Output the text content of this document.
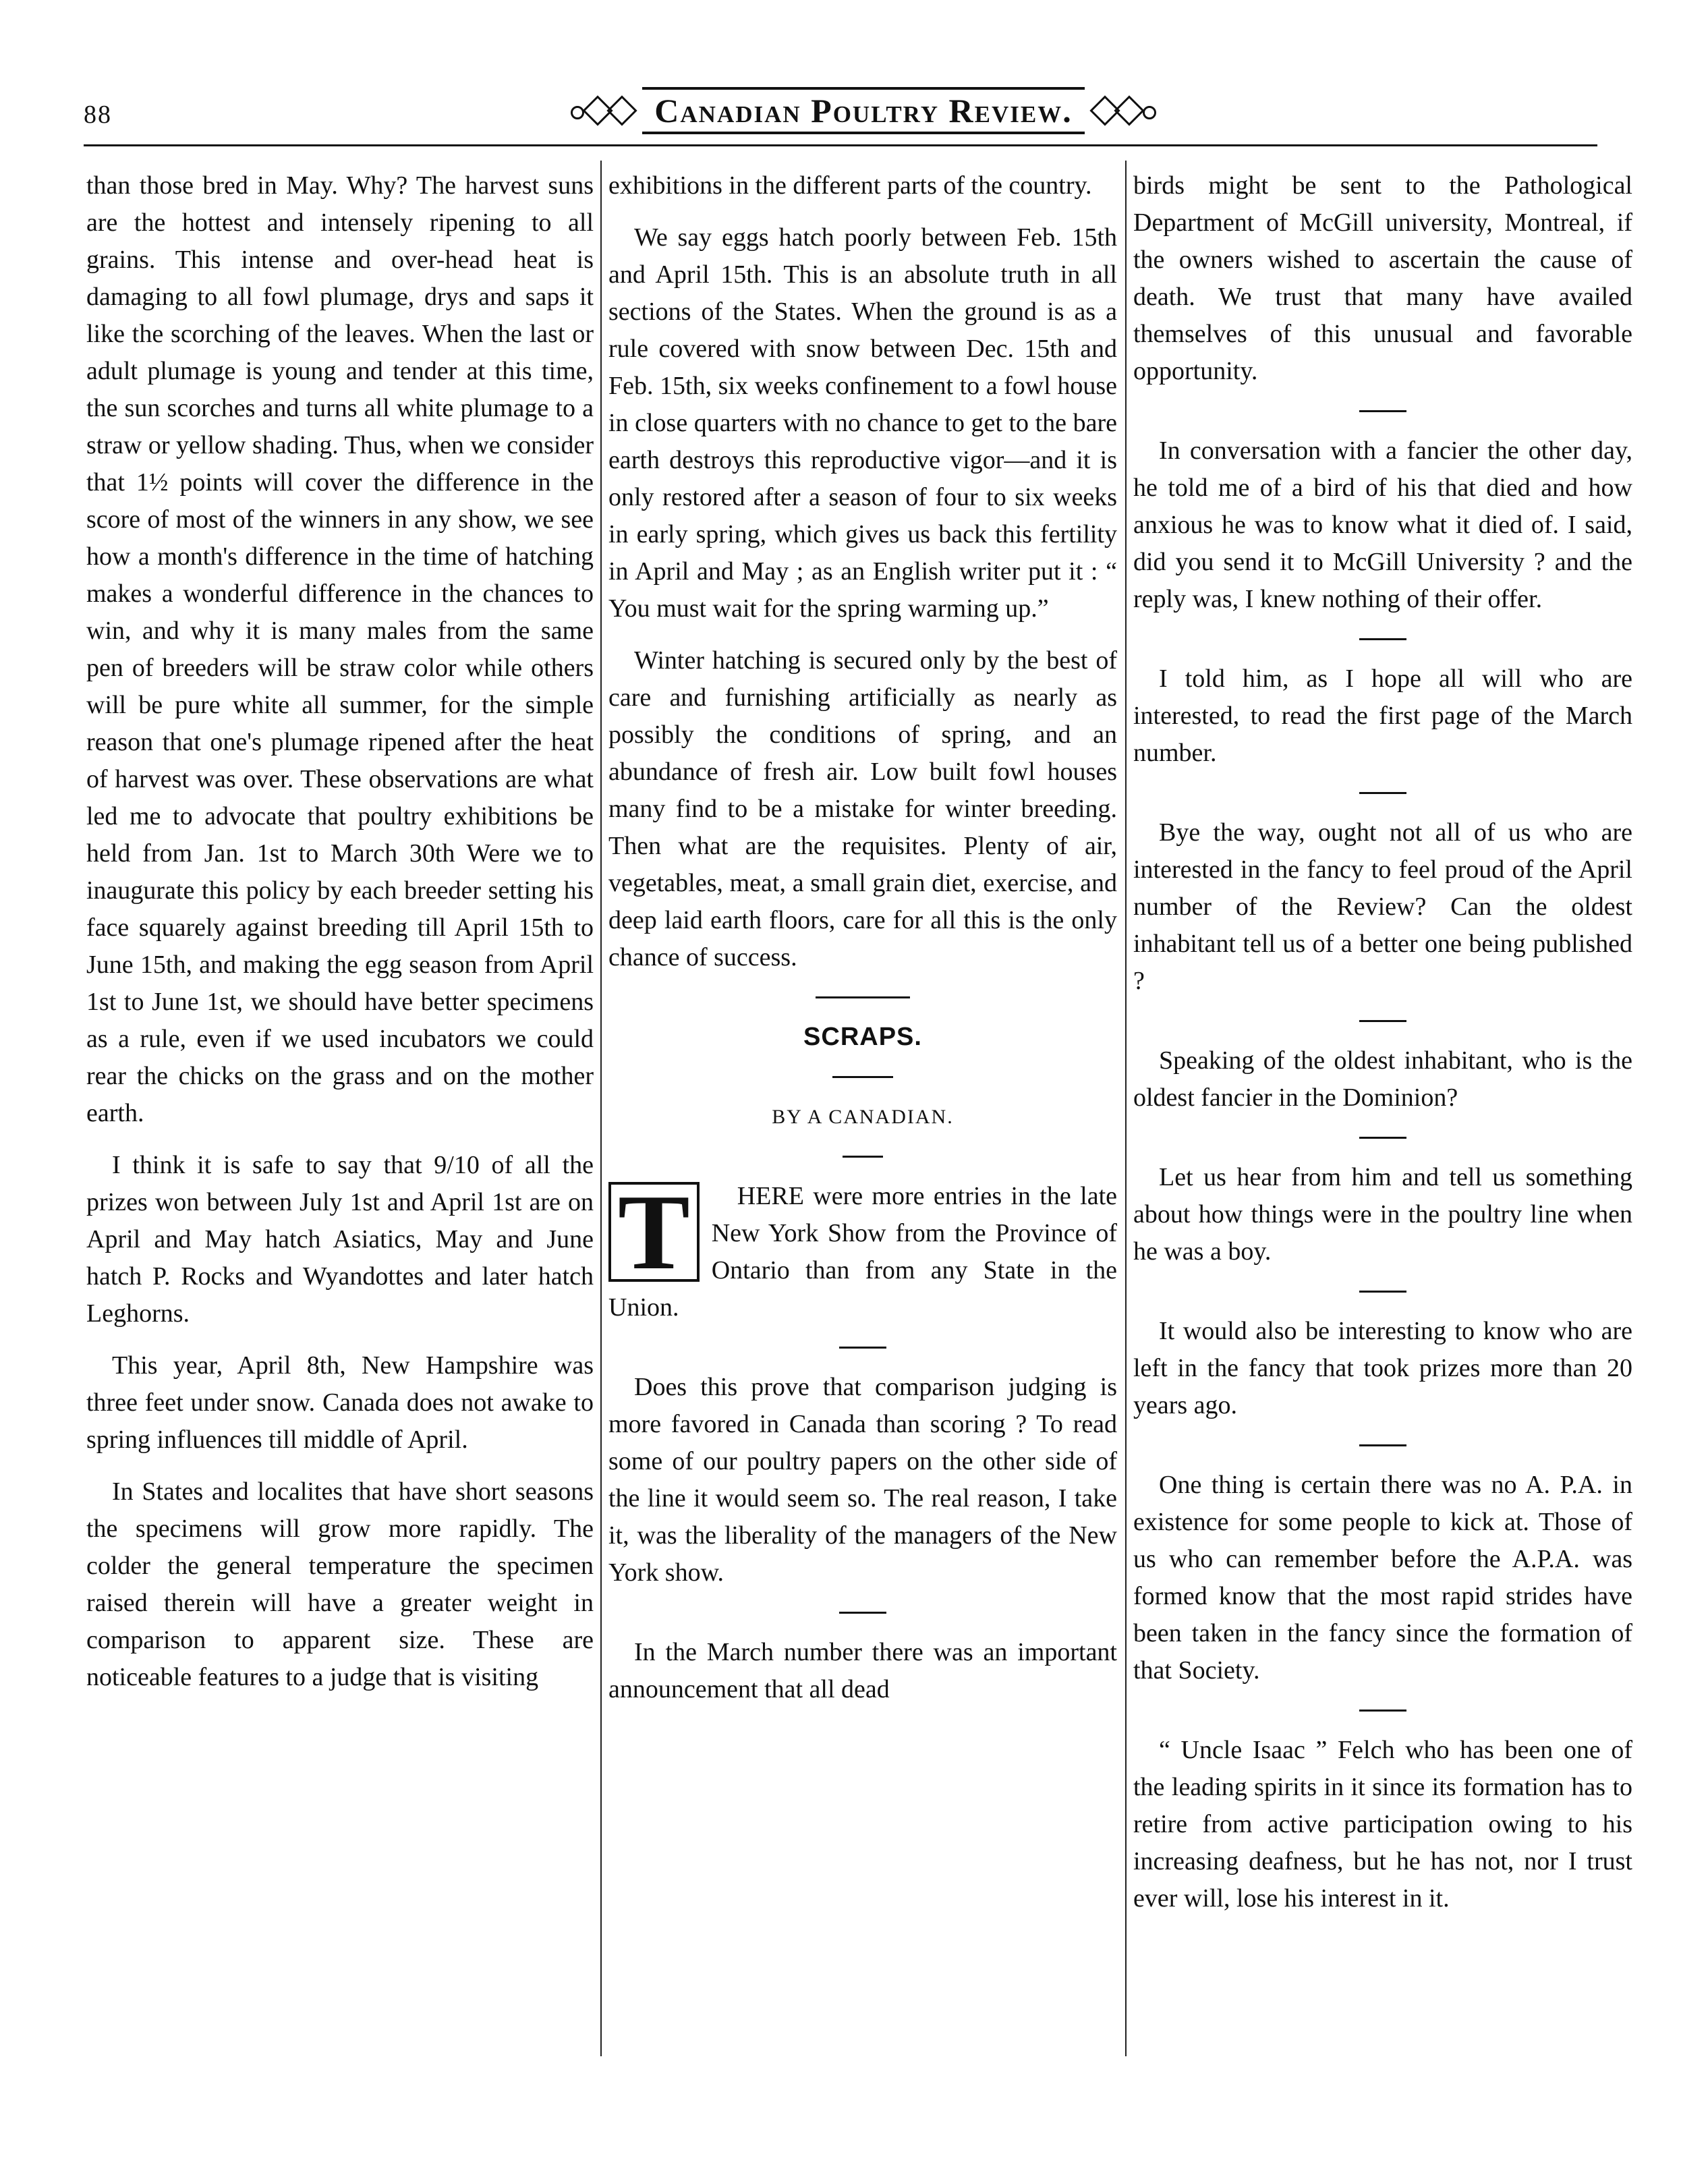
88	Canadian Poultry Review.

than those bred in May. Why? The harvest suns are the hottest and intensely ripening to all grains. This intense and over-head heat is damaging to all fowl plumage, drys and saps it like the scorching of the leaves. When the last or adult plumage is young and tender at this time, the sun scorches and turns all white plumage to a straw or yellow shading. Thus, when we consider that 1½ points will cover the difference in the score of most of the winners in any show, we see how a month's difference in the time of hatching makes a wonderful difference in the chances to win, and why it is many males from the same pen of breeders will be straw color while others will be pure white all summer, for the simple reason that one's plumage ripened after the heat of harvest was over. These observations are what led me to advocate that poultry exhibitions be held from Jan. 1st to March 30th Were we to inaugurate this policy by each breeder setting his face squarely against breeding till April 15th to June 15th, and making the egg season from April 1st to June 1st, we should have better specimens as a rule, even if we used incubators we could rear the chicks on the grass and on the mother earth.

I think it is safe to say that 9/10 of all the prizes won between July 1st and April 1st are on April and May hatch Asiatics, May and June hatch P. Rocks and Wyandottes and later hatch Leghorns.

This year, April 8th, New Hampshire was three feet under snow. Canada does not awake to spring influences till middle of April.

In States and localites that have short seasons the specimens will grow more rapidly. The colder the general temperature the specimen raised therein will have a greater weight in comparison to apparent size. These are noticeable features to a judge that is visiting

exhibitions in the different parts of the country.

We say eggs hatch poorly between Feb. 15th and April 15th. This is an absolute truth in all sections of the States. When the ground is as a rule covered with snow between Dec. 15th and Feb. 15th, six weeks confinement to a fowl house in close quarters with no chance to get to the bare earth destroys this reproductive vigor—and it is only restored after a season of four to six weeks in early spring, which gives us back this fertility in April and May ; as an English writer put it : “ You must wait for the spring warming up.”

Winter hatching is secured only by the best of care and furnishing artificially as nearly as possibly the conditions of spring, and an abundance of fresh air. Low built fowl houses many find to be a mistake for winter breeding. Then what are the requisites. Plenty of air, vegetables, meat, a small grain diet, exercise, and deep laid earth floors, care for all this is the only chance of success.

SCRAPS.
BY A CANADIAN.
T	HERE were more entries in the late New York Show from the Province of Ontario than from any State in the Union.

Does this prove that comparison judging is more favored in Canada than scoring ? To read some of our poultry papers on the other side of the line it would seem so. The real reason, I take it, was the liberality of the managers of the New York show.

In the March number there was an important announcement that all dead

birds might be sent to the Pathological Department of McGill university, Montreal, if the owners wished to ascertain the cause of death. We trust that many have availed themselves of this unusual and favorable opportunity.

In conversation with a fancier the other day, he told me of a bird of his that died and how anxious he was to know what it died of. I said, did you send it to McGill University ? and the reply was, I knew nothing of their offer.

I told him, as I hope all will who are interested, to read the first page of the March number.

Bye the way, ought not all of us who are interested in the fancy to feel proud of the April number of the Review? Can the oldest inhabitant tell us of a better one being published ?

Speaking of the oldest inhabitant, who is the oldest fancier in the Dominion?

Let us hear from him and tell us something about how things were in the poultry line when he was a boy.

It would also be interesting to know who are left in the fancy that took prizes more than 20 years ago.

One thing is certain there was no A. P.A. in existence for some people to kick at. Those of us who can remember before the A.P.A. was formed know that the most rapid strides have been taken in the fancy since the formation of that Society.

“ Uncle Isaac ” Felch who has been one of the leading spirits in it since its formation has to retire from active participation owing to his increasing deafness, but he has not, nor I trust ever will, lose his interest in it.
